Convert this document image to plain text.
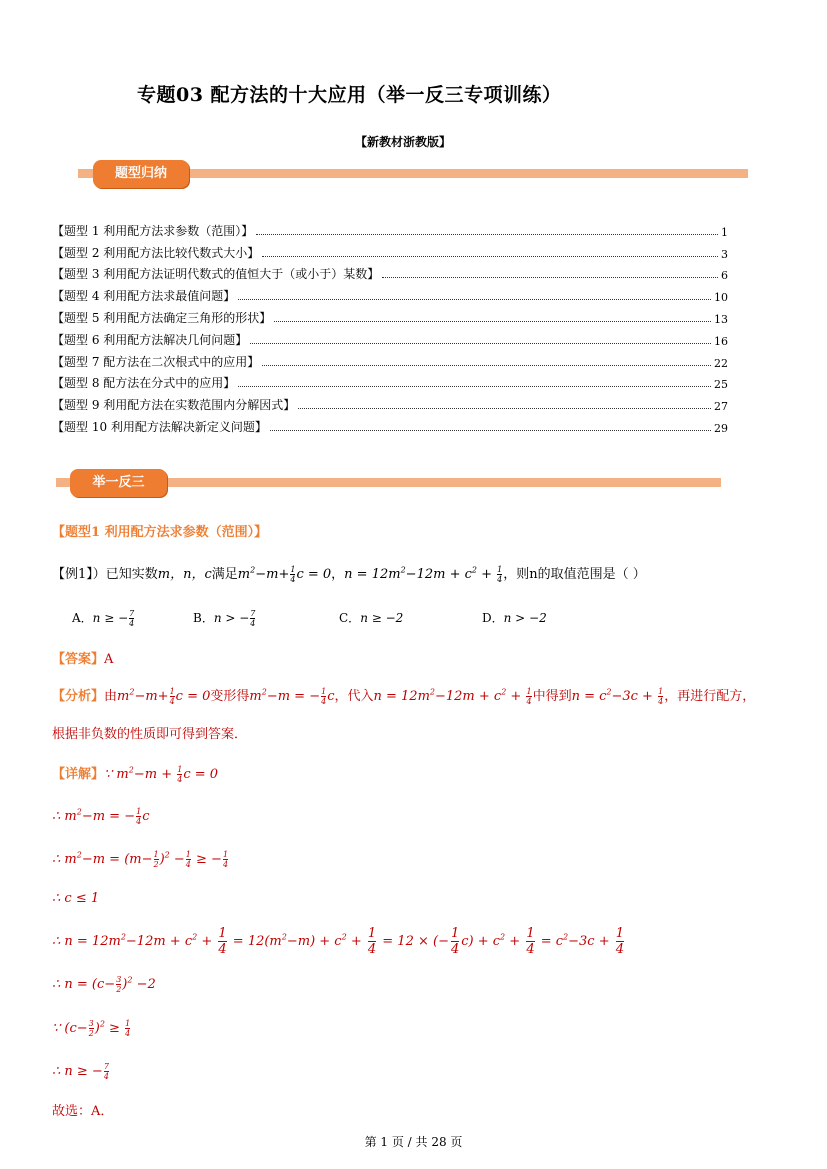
专题03 配方法的十大应用（举一反三专项训练）
【新教材浙教版】
题型归纳
【题型 1 利用配方法求参数（范围）】	1
【题型 2 利用配方法比较代数式大小】	3
【题型 3 利用配方法证明代数式的值恒大于（或小于）某数】	6
【题型 4 利用配方法求最值问题】	10
【题型 5 利用配方法确定三角形的形状】	13
【题型 6 利用配方法解决几何问题】	16
【题型 7 配方法在二次根式中的应用】	22
【题型 8 配方法在分式中的应用】	25
【题型 9 利用配方法在实数范围内分解因式】	27
【题型 10 利用配方法解决新定义问题】	29
举一反三
【题型1 利用配方法求参数（范围）】
【例1】）已知实数m，n，c满足$m^2-m+ \frac{1}{4}$ c = 0，$n = 12m^2-12m + c^2 + \frac{1}{4}$ ，则n的取值范围是（ ）
A．n ≥ − $\frac{7}{4}$	B．n > − $\frac{7}{4}$	C．n ≥ −2	D．n > −2
【答案】A
【分析】由$m^2-m+ \frac{1}{4}$ c = 0变形得$m^2-m$ = − $\frac{1}{4}$ c，代入$n = 12m^2-12m + c^2 + \frac{1}{4}$ 中得到$n = c^2-3c + \frac{1}{4}$ ，再进行配方，
根据非负数的性质即可得到答案．
【详解】∵ $m^2-m + \frac{1}{4}$ c = 0
∴ $m^2-m$ = − $\frac{1}{4}$ c
∴ $m^2-m = (m- \frac{1}{2} )^2 - \frac{1}{4}$ ≥ − $\frac{1}{4}$
∴ c ≤ 1
∴ $n = 12m^2-12m + c^2 + \frac{1}{4} = 12(m^2-m) + c^2 + \frac{1}{4} = 12$ × (− $\frac{1}{4} c) + c^2 + \frac{1}{4} = c^2-3c + \frac{1}{4}$
∴ $n = (c- \frac{3}{2} )^2 -2$
∵ $(c- \frac{3}{2} )^2 \ge \frac{1}{4}$
∴ n ≥ − $\frac{7}{4}$
故选：A．
第 1 页 / 共 28 页
